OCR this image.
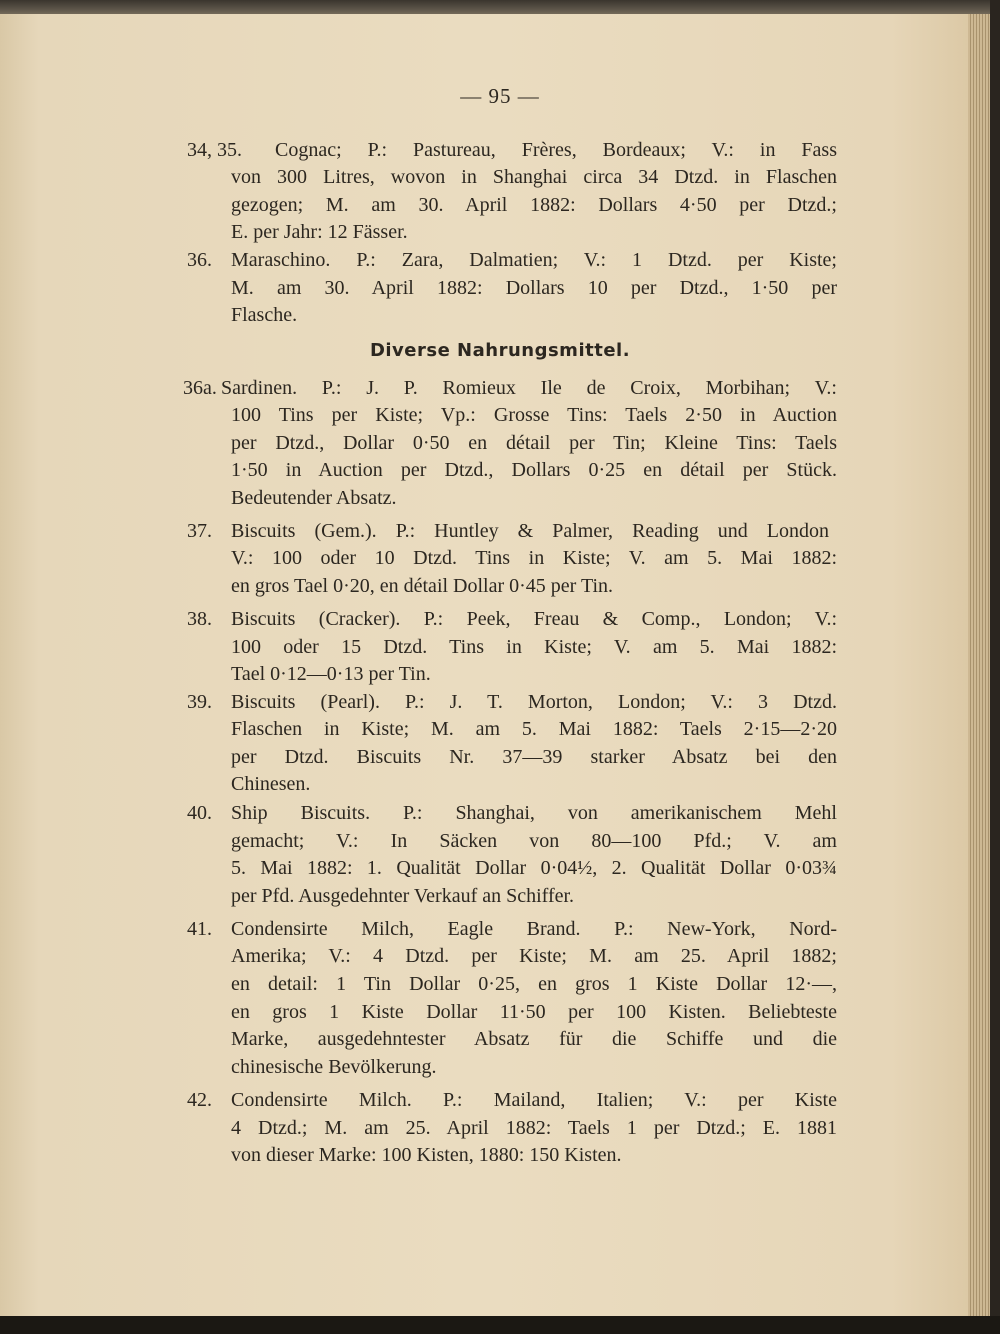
— 95 —
34, 35. Cognac; P.: Pastureau, Frères, Bordeaux; V.: in Fass
von 300 Litres, wovon in Shanghai circa 34 Dtzd. in Flaschen
gezogen; M. am 30. April 1882: Dollars 4·50 per Dtzd.;
E. per Jahr: 12 Fässer.
36. Maraschino. P.: Zara, Dalmatien; V.: 1 Dtzd. per Kiste;
M. am 30. April 1882: Dollars 10 per Dtzd., 1·50 per
Flasche.
Diverse Nahrungsmittel.
36a. Sardinen. P.: J. P. Romieux Ile de Croix, Morbihan; V.:
100 Tins per Kiste; Vp.: Grosse Tins: Taels 2·50 in Auction
per Dtzd., Dollar 0·50 en détail per Tin; Kleine Tins: Taels
1·50 in Auction per Dtzd., Dollars 0·25 en détail per Stück.
Bedeutender Absatz.
37. Biscuits (Gem.). P.: Huntley & Palmer, Reading und London
V.: 100 oder 10 Dtzd. Tins in Kiste; V. am 5. Mai 1882:
en gros Tael 0·20, en détail Dollar 0·45 per Tin.
38. Biscuits (Cracker). P.: Peek, Freau & Comp., London; V.:
100 oder 15 Dtzd. Tins in Kiste; V. am 5. Mai 1882:
Tael 0·12—0·13 per Tin.
39. Biscuits (Pearl). P.: J. T. Morton, London; V.: 3 Dtzd.
Flaschen in Kiste; M. am 5. Mai 1882: Taels 2·15—2·20
per Dtzd. Biscuits Nr. 37—39 starker Absatz bei den
Chinesen.
40. Ship Biscuits. P.: Shanghai, von amerikanischem Mehl
gemacht; V.: In Säcken von 80—100 Pfd.; V. am
5. Mai 1882: 1. Qualität Dollar 0·04½, 2. Qualität Dollar 0·03¾
per Pfd. Ausgedehnter Verkauf an Schiffer.
41. Condensirte Milch, Eagle Brand. P.: New-York, Nord-
Amerika; V.: 4 Dtzd. per Kiste; M. am 25. April 1882;
en detail: 1 Tin Dollar 0·25, en gros 1 Kiste Dollar 12·—,
en gros 1 Kiste Dollar 11·50 per 100 Kisten. Beliebteste
Marke, ausgedehntester Absatz für die Schiffe und die
chinesische Bevölkerung.
42. Condensirte Milch. P.: Mailand, Italien; V.: per Kiste
4 Dtzd.; M. am 25. April 1882: Taels 1 per Dtzd.; E. 1881
von dieser Marke: 100 Kisten, 1880: 150 Kisten.
